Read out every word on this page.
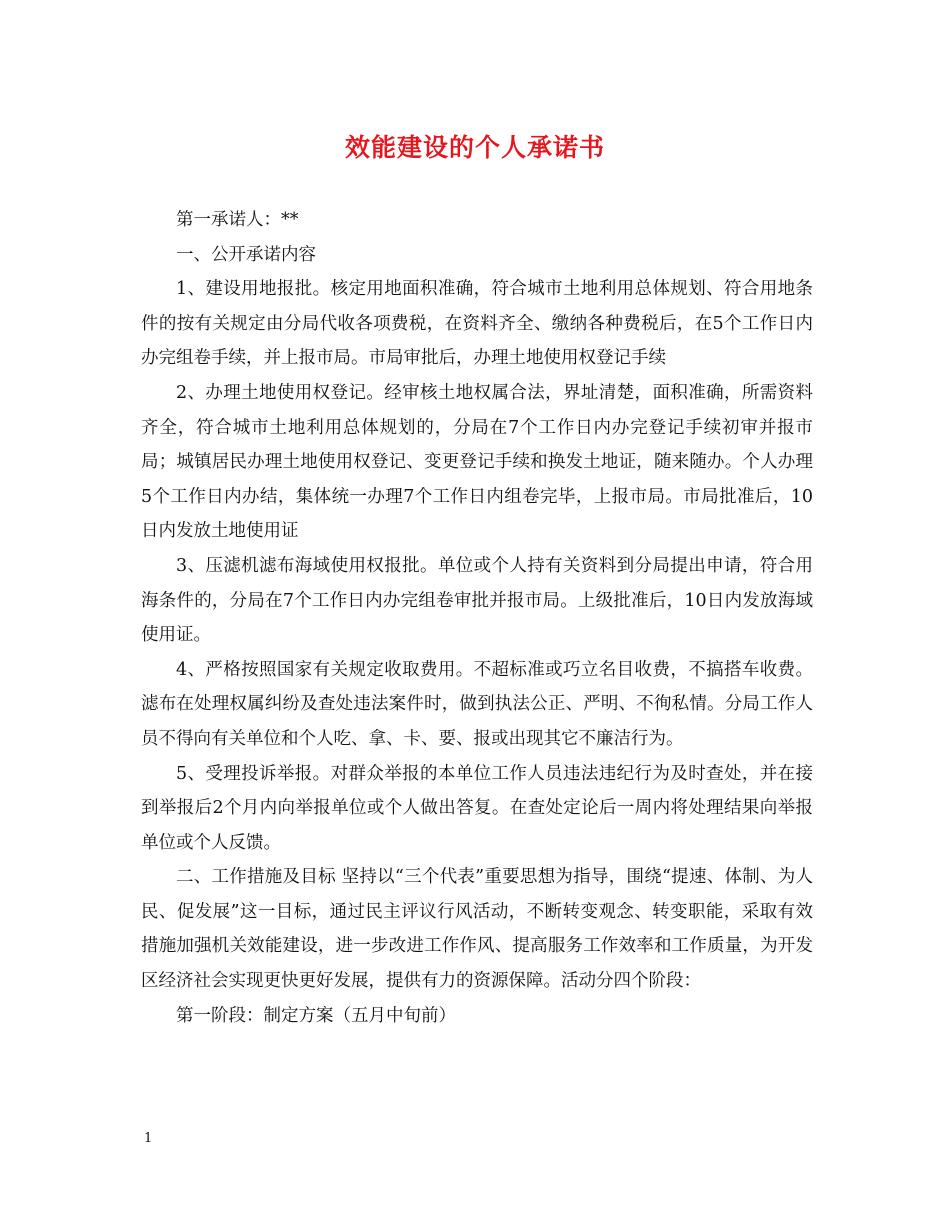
效能建设的个人承诺书

第一承诺人：**

一、公开承诺内容

1、建设用地报批。核定用地面积准确，符合城市土地利用总体规划、符合用地条件的按有关规定由分局代收各项费税，在资料齐全、缴纳各种费税后，在5个工作日内办完组卷手续，并上报市局。市局审批后，办理土地使用权登记手续

2、办理土地使用权登记。经审核土地权属合法，界址清楚，面积准确，所需资料齐全，符合城市土地利用总体规划的，分局在7个工作日内办完登记手续初审并报市局；城镇居民办理土地使用权登记、变更登记手续和换发土地证，随来随办。个人办理5个工作日内办结，集体统一办理7个工作日内组卷完毕，上报市局。市局批准后，10日内发放土地使用证

3、压滤机滤布海域使用权报批。单位或个人持有关资料到分局提出申请，符合用海条件的，分局在7个工作日内办完组卷审批并报市局。上级批准后，10日内发放海域使用证。

4、严格按照国家有关规定收取费用。不超标准或巧立名目收费，不搞搭车收费。滤布在处理权属纠纷及查处违法案件时，做到执法公正、严明、不徇私情。分局工作人员不得向有关单位和个人吃、拿、卡、要、报或出现其它不廉洁行为。

5、受理投诉举报。对群众举报的本单位工作人员违法违纪行为及时查处，并在接到举报后2个月内向举报单位或个人做出答复。在查处定论后一周内将处理结果向举报单位或个人反馈。

二、工作措施及目标 坚持以“三个代表”重要思想为指导，围绕“提速、体制、为人民、促发展”这一目标，通过民主评议行风活动，不断转变观念、转变职能，采取有效措施加强机关效能建设，进一步改进工作作风、提高服务工作效率和工作质量，为开发区经济社会实现更快更好发展，提供有力的资源保障。活动分四个阶段：

第一阶段：制定方案（五月中旬前）

1
